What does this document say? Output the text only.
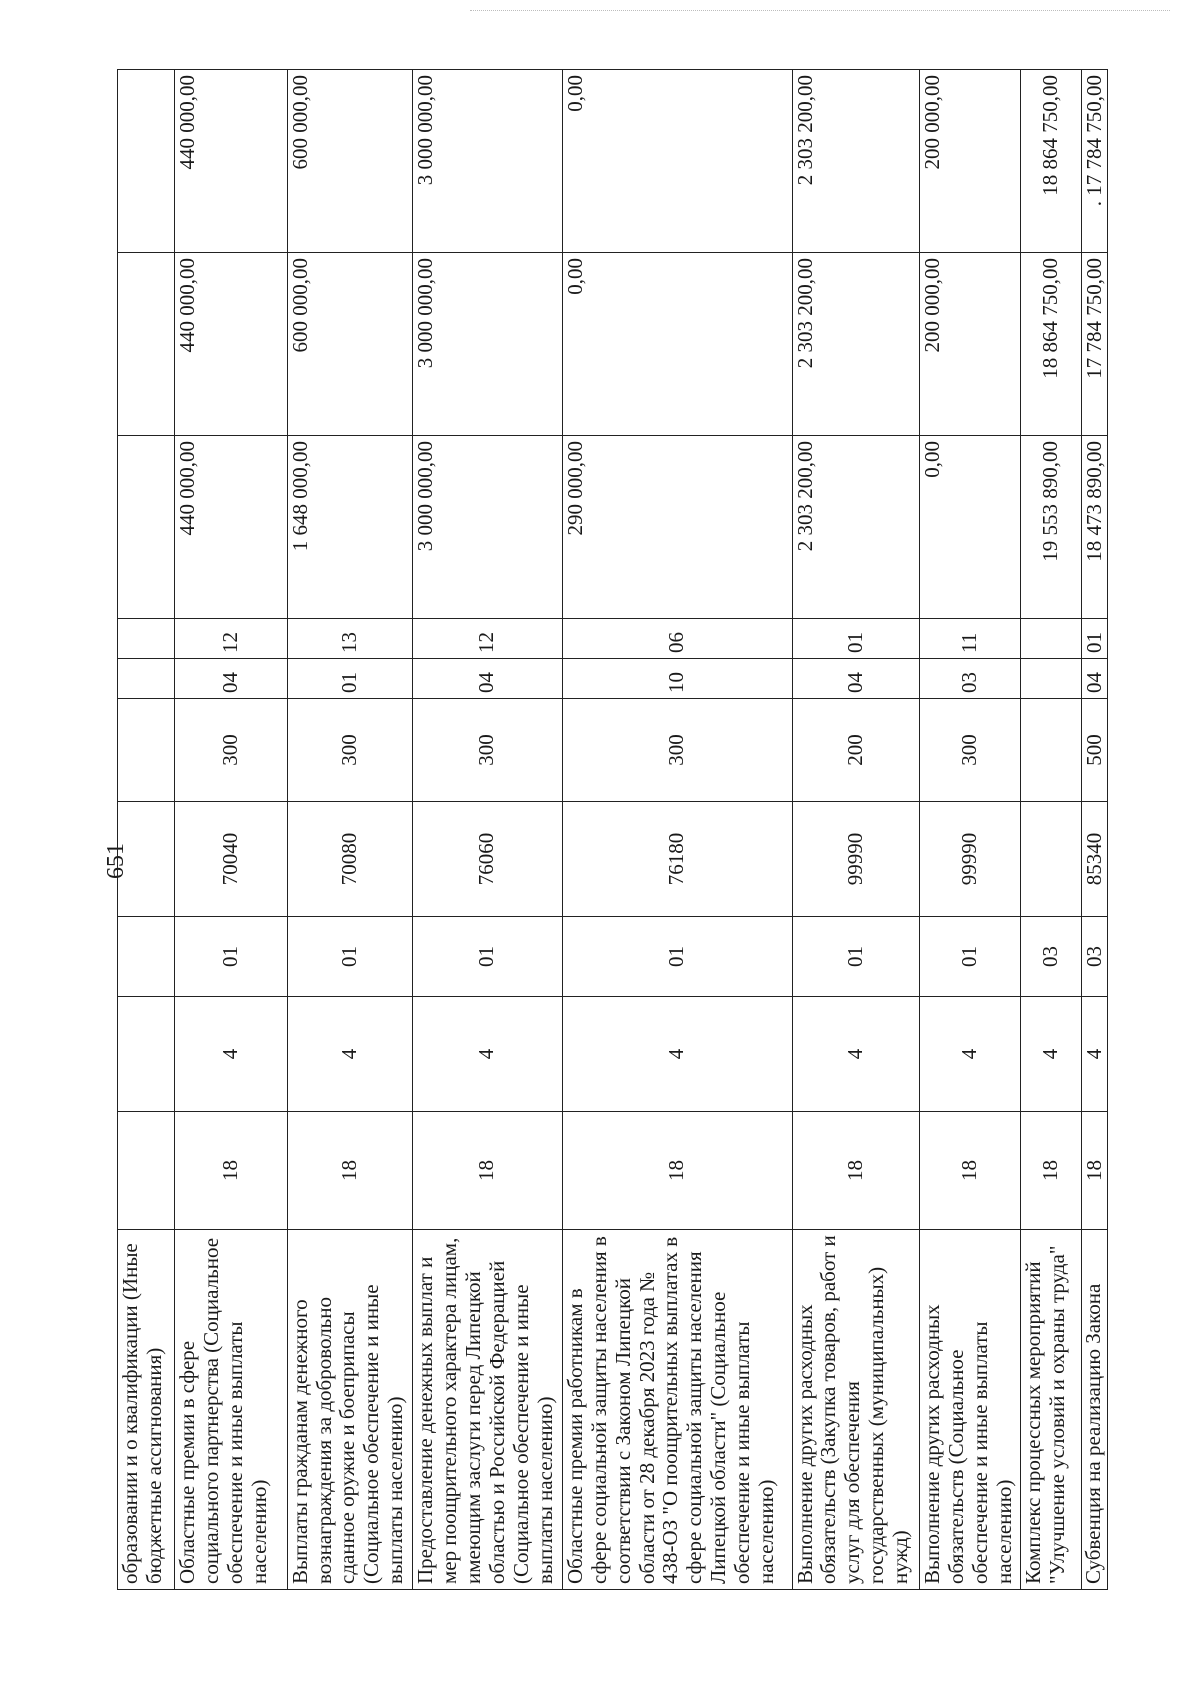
651
образовании и о квалификации (Иные бюджетные ассигнования)										
Областные премии в сфере социального партнерства (Социальное обеспечение и иные выплаты населению)	18	4	01	70040	300	04	12	440 000,00	440 000,00	440 000,00
Выплаты гражданам денежного вознаграждения за добровольно сданное оружие и боеприпасы (Социальное обеспечение и иные выплаты населению)	18	4	01	70080	300	01	13	1 648 000,00	600 000,00	600 000,00
Предоставление денежных выплат и мер поощрительного характера лицам, имеющим заслуги перед Липецкой областью и Российской Федерацией (Социальное обеспечение и иные выплаты населению)	18	4	01	76060	300	04	12	3 000 000,00	3 000 000,00	3 000 000,00
Областные премии работникам в сфере социальной защиты населения в соответствии с Законом Липецкой области от 28 декабря 2023 года № 438-ОЗ "О поощрительных выплатах в сфере социальной защиты населения Липецкой области" (Социальное обеспечение и иные выплаты населению)	18	4	01	76180	300	10	06	290 000,00	0,00	0,00
Выполнение других расходных обязательств (Закупка товаров, работ и услуг для обеспечения государственных (муниципальных) нужд)	18	4	01	99990	200	04	01	2 303 200,00	2 303 200,00	2 303 200,00
Выполнение других расходных обязательств (Социальное обеспечение и иные выплаты населению)	18	4	01	99990	300	03	11	0,00	200 000,00	200 000,00
Комплекс процессных мероприятий "Улучшение условий и охраны труда"	18	4	03					19 553 890,00	18 864 750,00	18 864 750,00
Субвенция на реализацию Закона	18	4	03	85340	500	04	01	18 473 890,00	17 784 750,00	. 17 784 750,00
